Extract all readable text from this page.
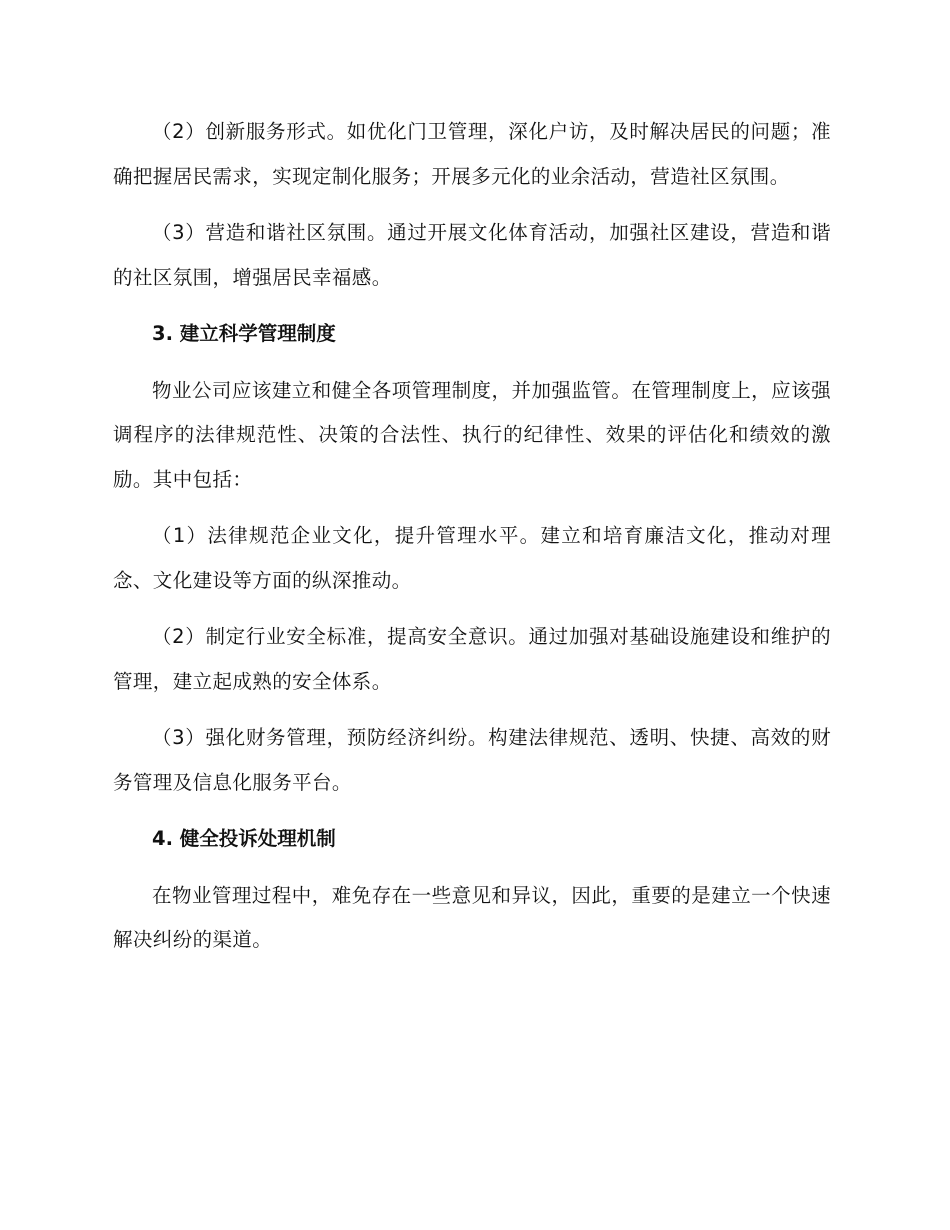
（2）创新服务形式。如优化门卫管理，深化户访，及时解决居民的问题；准确把握居民需求，实现定制化服务；开展多元化的业余活动，营造社区氛围。

（3）营造和谐社区氛围。通过开展文化体育活动，加强社区建设，营造和谐的社区氛围，增强居民幸福感。

3. 建立科学管理制度

物业公司应该建立和健全各项管理制度，并加强监管。在管理制度上，应该强调程序的法律规范性、决策的合法性、执行的纪律性、效果的评估化和绩效的激励。其中包括：

（1）法律规范企业文化，提升管理水平。建立和培育廉洁文化，推动对理念、文化建设等方面的纵深推动。

（2）制定行业安全标准，提高安全意识。通过加强对基础设施建设和维护的管理，建立起成熟的安全体系。

（3）强化财务管理，预防经济纠纷。构建法律规范、透明、快捷、高效的财务管理及信息化服务平台。

4. 健全投诉处理机制

在物业管理过程中，难免存在一些意见和异议，因此，重要的是建立一个快速解决纠纷的渠道。
